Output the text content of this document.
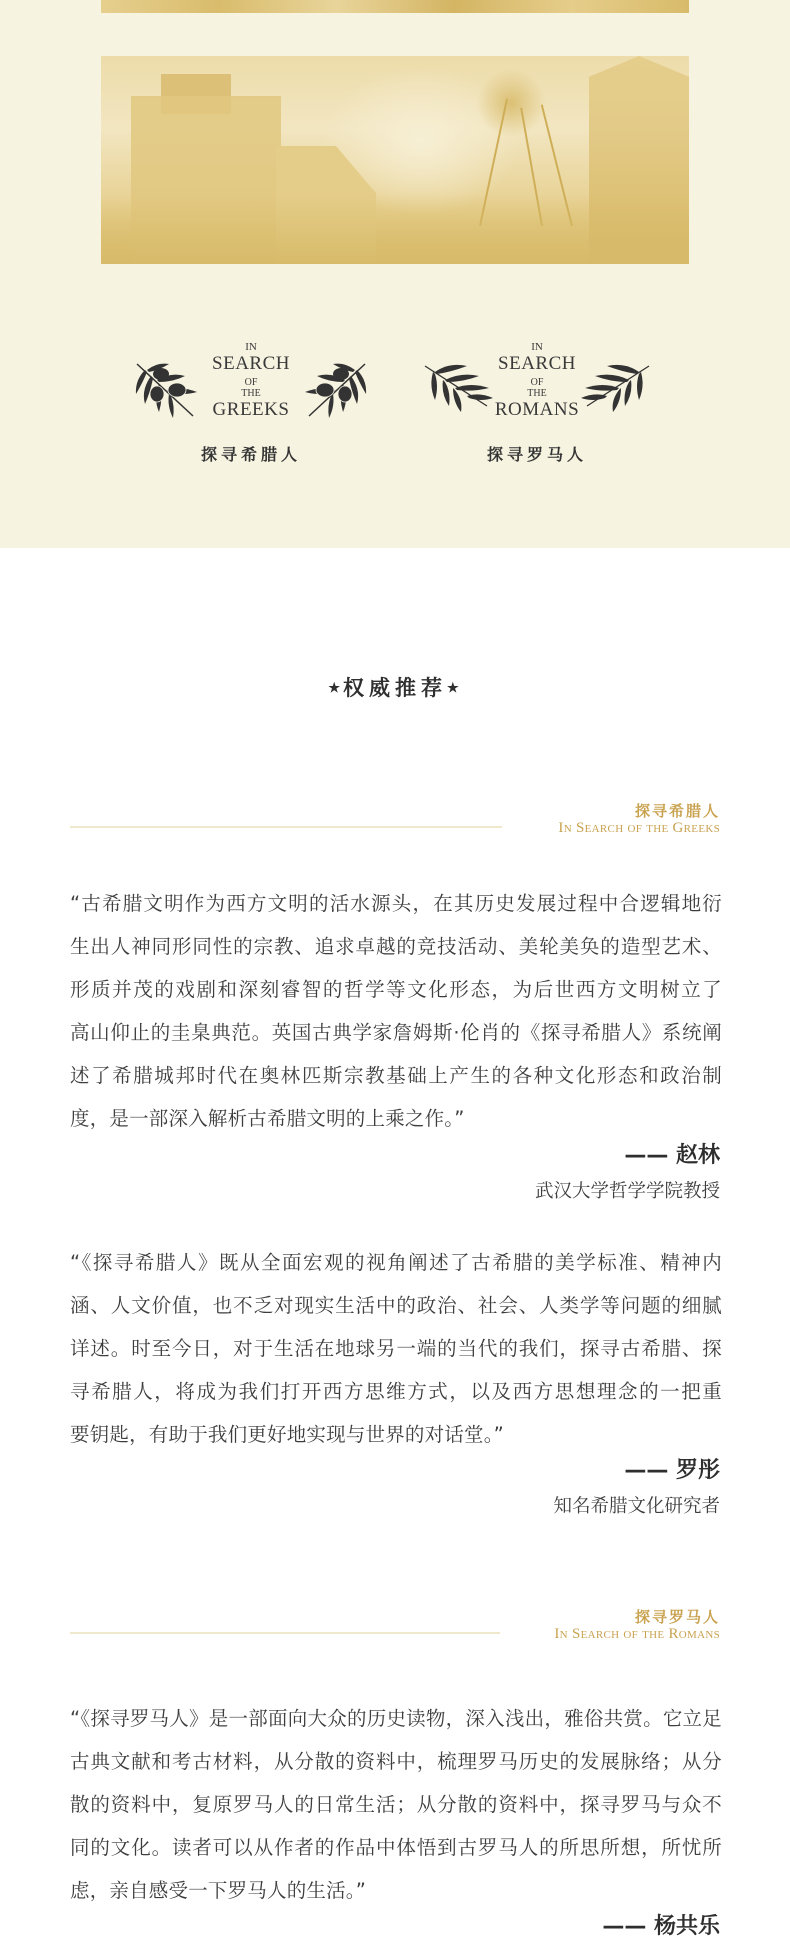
IN
SEARCH
OF
THE
GREEKS
探寻希腊人
IN
SEARCH
OF
THE
ROMANS
探寻罗马人
★权威推荐★
探寻希腊人
In Search of the Greeks
“古希腊文明作为西方文明的活水源头，在其历史发展过程中合逻辑地衍
生出人神同形同性的宗教、追求卓越的竞技活动、美轮美奂的造型艺术、
形质并茂的戏剧和深刻睿智的哲学等文化形态，为后世西方文明树立了
高山仰止的圭臬典范。英国古典学家詹姆斯·伦肖的《探寻希腊人》系统阐
述了希腊城邦时代在奥林匹斯宗教基础上产生的各种文化形态和政治制
度，是一部深入解析古希腊文明的上乘之作。”
—— 赵林
武汉大学哲学学院教授
“《探寻希腊人》既从全面宏观的视角阐述了古希腊的美学标准、精神内
涵、人文价值，也不乏对现实生活中的政治、社会、人类学等问题的细腻
详述。时至今日，对于生活在地球另一端的当代的我们，探寻古希腊、探
寻希腊人，将成为我们打开西方思维方式，以及西方思想理念的一把重
要钥匙，有助于我们更好地实现与世界的对话堂。”
—— 罗彤
知名希腊文化研究者
探寻罗马人
In Search of the Romans
“《探寻罗马人》是一部面向大众的历史读物，深入浅出，雅俗共赏。它立足
古典文献和考古材料，从分散的资料中，梳理罗马历史的发展脉络；从分
散的资料中，复原罗马人的日常生活；从分散的资料中，探寻罗马与众不
同的文化。读者可以从作者的作品中体悟到古罗马人的所思所想，所忧所
虑，亲自感受一下罗马人的生活。”
—— 杨共乐
